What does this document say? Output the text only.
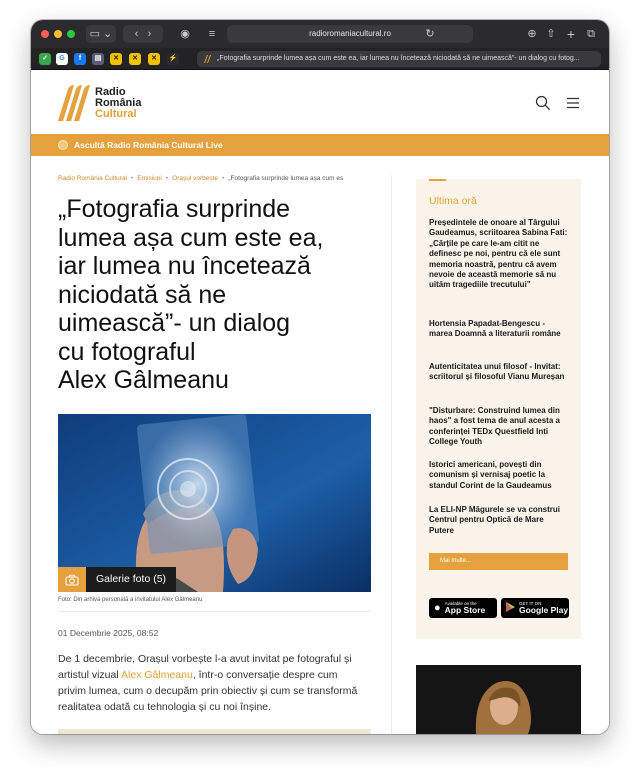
▭ ⌄	‹   ›	◉	≡	radioromaniacultural.ro	↻	⊕ ⇧ + ⧉
✓	G	f	▤	✕	✕	✕	⚡	„Fotografia surprinde lumea așa cum este ea, iar lumea nu încetează niciodată să ne uimească”- un dialog cu fotog...
Radio
România
Cultural
Ascultă Radio România Cultural Live
Radio România Cultural • Emisiuni • Orașul vorbește • „Fotografia surprinde lumea așa cum es
„Fotografia surprinde
lumea așa cum este ea,
iar lumea nu încetează
niciodată să ne
uimească”- un dialog
cu fotograful
Alex Gâlmeanu
Galerie foto (5)
Foto: Din arhiva personală a invitatului Alex Gâlmeanu
01 Decembrie 2025, 08:52

De 1 decembrie, Orașul vorbește l-a avut invitat pe fotograful și artistul vizual Alex Gâlmeanu, într-o conversație despre cum privim lumea, cum o decupăm prin obiectiv și cum se transformă realitatea odată cu tehnologia și cu noi înșine.

Ultima oră
Președintele de onoare al Târgului Gaudeamus, scriitoarea Sabina Fati: „Cărțile pe care le-am citit ne definesc pe noi, pentru că ele sunt memoria noastră, pentru că avem nevoie de această memorie să nu uităm tragediile trecutului”
Hortensia Papadat-Bengescu - marea Doamnă a literaturii române
Autenticitatea unui filosof - Invitat: scriitorul și filosoful Vianu Mureșan
"Disturbare: Construind lumea din haos" a fost tema de anul acesta a conferinței TEDx Questfield Inti College Youth
Istorici americani, povești din comunism și vernisaj poetic la standul Corint de la Gaudeamus
La ELI-NP Măgurele se va construi Centrul pentru Optică de Mare Putere
Mai multe...
● Available on the
App Store
GET IT ON
Google Play
